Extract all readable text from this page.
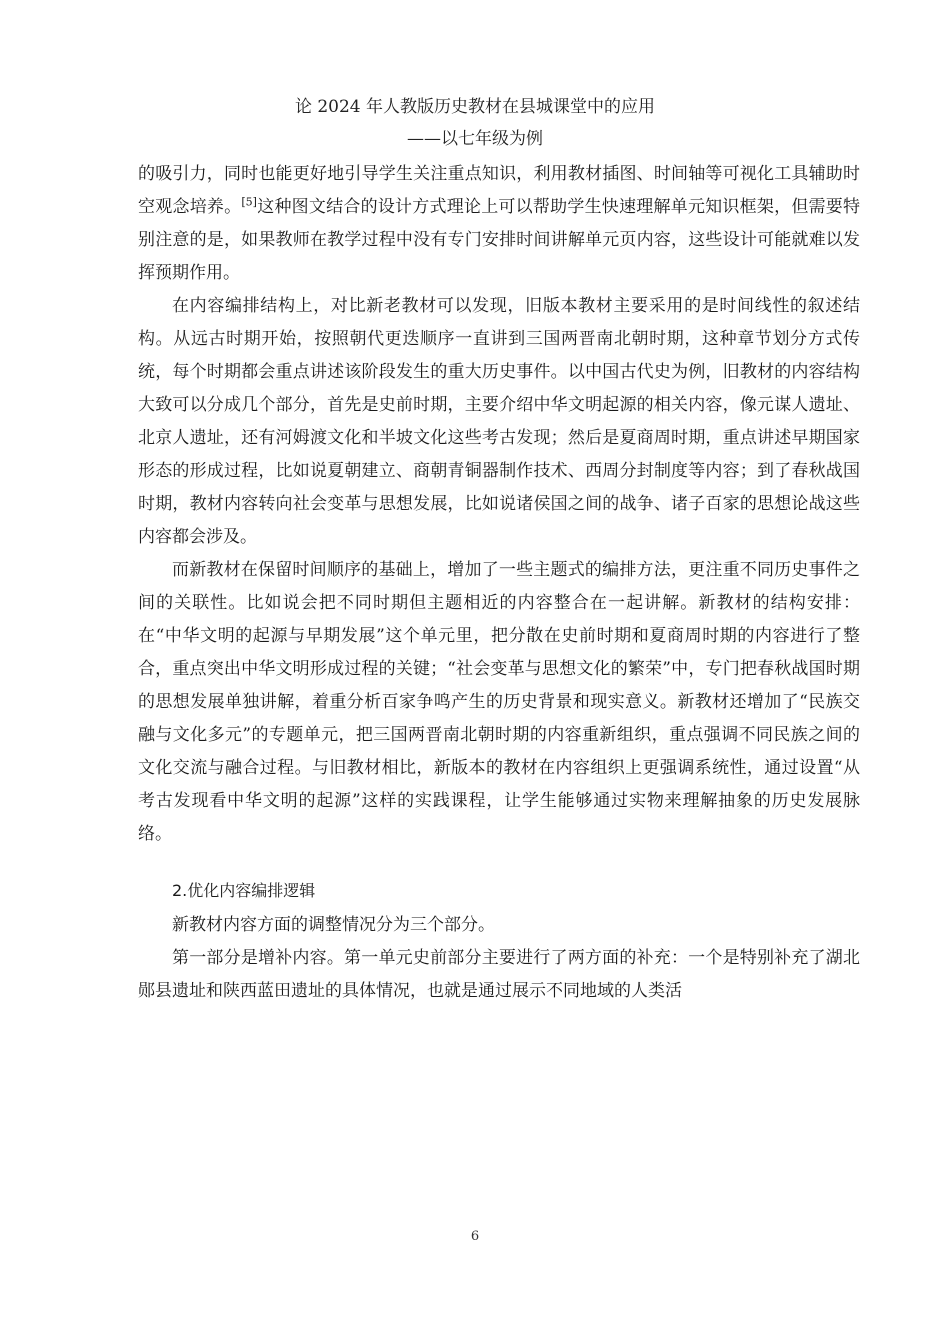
论 2024 年人教版历史教材在县城课堂中的应用
——以七年级为例

的吸引力，同时也能更好地引导学生关注重点知识，利用教材插图、时间轴等可视化工具辅助时空观念培养。[5]这种图文结合的设计方式理论上可以帮助学生快速理解单元知识框架，但需要特别注意的是，如果教师在教学过程中没有专门安排时间讲解单元页内容，这些设计可能就难以发挥预期作用。

在内容编排结构上，对比新老教材可以发现，旧版本教材主要采用的是时间线性的叙述结构。从远古时期开始，按照朝代更迭顺序一直讲到三国两晋南北朝时期，这种章节划分方式传统，每个时期都会重点讲述该阶段发生的重大历史事件。以中国古代史为例，旧教材的内容结构大致可以分成几个部分，首先是史前时期，主要介绍中华文明起源的相关内容，像元谋人遗址、北京人遗址，还有河姆渡文化和半坡文化这些考古发现；然后是夏商周时期，重点讲述早期国家形态的形成过程，比如说夏朝建立、商朝青铜器制作技术、西周分封制度等内容；到了春秋战国时期，教材内容转向社会变革与思想发展，比如说诸侯国之间的战争、诸子百家的思想论战这些内容都会涉及。

而新教材在保留时间顺序的基础上，增加了一些主题式的编排方法，更注重不同历史事件之间的关联性。比如说会把不同时期但主题相近的内容整合在一起讲解。新教材的结构安排：在“中华文明的起源与早期发展”这个单元里，把分散在史前时期和夏商周时期的内容进行了整合，重点突出中华文明形成过程的关键；“社会变革与思想文化的繁荣”中，专门把春秋战国时期的思想发展单独讲解，着重分析百家争鸣产生的历史背景和现实意义。新教材还增加了“民族交融与文化多元”的专题单元，把三国两晋南北朝时期的内容重新组织，重点强调不同民族之间的文化交流与融合过程。与旧教材相比，新版本的教材在内容组织上更强调系统性，通过设置“从考古发现看中华文明的起源”这样的实践课程，让学生能够通过实物来理解抽象的历史发展脉络。

2.优化内容编排逻辑

新教材内容方面的调整情况分为三个部分。

第一部分是增补内容。第一单元史前部分主要进行了两方面的补充：一个是特别补充了湖北郧县遗址和陕西蓝田遗址的具体情况，也就是通过展示不同地域的人类活

6
